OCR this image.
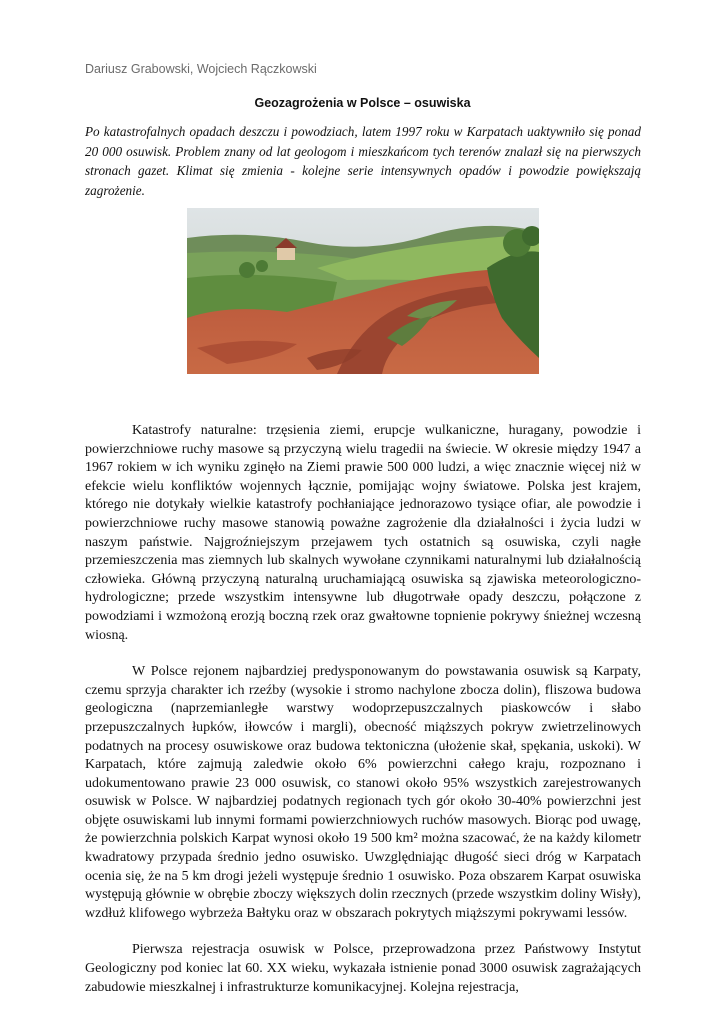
Dariusz Grabowski, Wojciech Rączkowski
Geozagrożenia w Polsce – osuwiska

Po katastrofalnych opadach deszczu i powodziach, latem 1997 roku w Karpatach uaktywniło się ponad 20 000 osuwisk. Problem znany od lat geologom i mieszkańcom tych terenów znalazł się na pierwszych stronach gazet. Klimat się zmienia - kolejne serie intensywnych opadów i powodzie powiększają zagrożenie.

Katastrofy naturalne: trzęsienia ziemi, erupcje wulkaniczne, huragany, powodzie i powierzchniowe ruchy masowe są przyczyną wielu tragedii na świecie. W okresie między 1947 a 1967 rokiem w ich wyniku zginęło na Ziemi prawie 500 000 ludzi, a więc znacznie więcej niż w efekcie wielu konfliktów wojennych łącznie, pomijając wojny światowe. Polska jest krajem, którego nie dotykały wielkie katastrofy pochłaniające jednorazowo tysiące ofiar, ale powodzie i powierzchniowe ruchy masowe stanowią poważne zagrożenie dla działalności i życia ludzi w naszym państwie. Najgroźniejszym przejawem tych ostatnich są osuwiska, czyli nagłe przemieszczenia mas ziemnych lub skalnych wywołane czynnikami naturalnymi lub działalnością człowieka. Główną przyczyną naturalną uruchamiającą osuwiska są zjawiska meteorologiczno-hydrologiczne; przede wszystkim intensywne lub długotrwałe opady deszczu, połączone z powodziami i wzmożoną erozją boczną rzek oraz gwałtowne topnienie pokrywy śnieżnej wczesną wiosną.

W Polsce rejonem najbardziej predysponowanym do powstawania osuwisk są Karpaty, czemu sprzyja charakter ich rzeźby (wysokie i stromo nachylone zbocza dolin), fliszowa budowa geologiczna (naprzemianległe warstwy wodoprzepuszczalnych piaskowców i słabo przepuszczalnych łupków, iłowców i margli), obecność miąższych pokryw zwietrzelinowych podatnych na procesy osuwiskowe oraz budowa tektoniczna (ułożenie skał, spękania, uskoki). W Karpatach, które zajmują zaledwie około 6% powierzchni całego kraju, rozpoznano i udokumentowano prawie 23 000 osuwisk, co stanowi około 95% wszystkich zarejestrowanych osuwisk w Polsce. W najbardziej podatnych regionach tych gór około 30-40% powierzchni jest objęte osuwiskami lub innymi formami powierzchniowych ruchów masowych. Biorąc pod uwagę, że powierzchnia polskich Karpat wynosi około 19 500 km² można szacować, że na każdy kilometr kwadratowy przypada średnio jedno osuwisko. Uwzględniając długość sieci dróg w Karpatach ocenia się, że na 5 km drogi jeżeli występuje średnio 1 osuwisko. Poza obszarem Karpat osuwiska występują głównie w obrębie zboczy większych dolin rzecznych (przede wszystkim doliny Wisły), wzdłuż klifowego wybrzeża Bałtyku oraz w obszarach pokrytych miąższymi pokrywami lessów.

Pierwsza rejestracja osuwisk w Polsce, przeprowadzona przez Państwowy Instytut Geologiczny pod koniec lat 60. XX wieku, wykazała istnienie ponad 3000 osuwisk zagrażających zabudowie mieszkalnej i infrastrukturze komunikacyjnej. Kolejna rejestracja,
